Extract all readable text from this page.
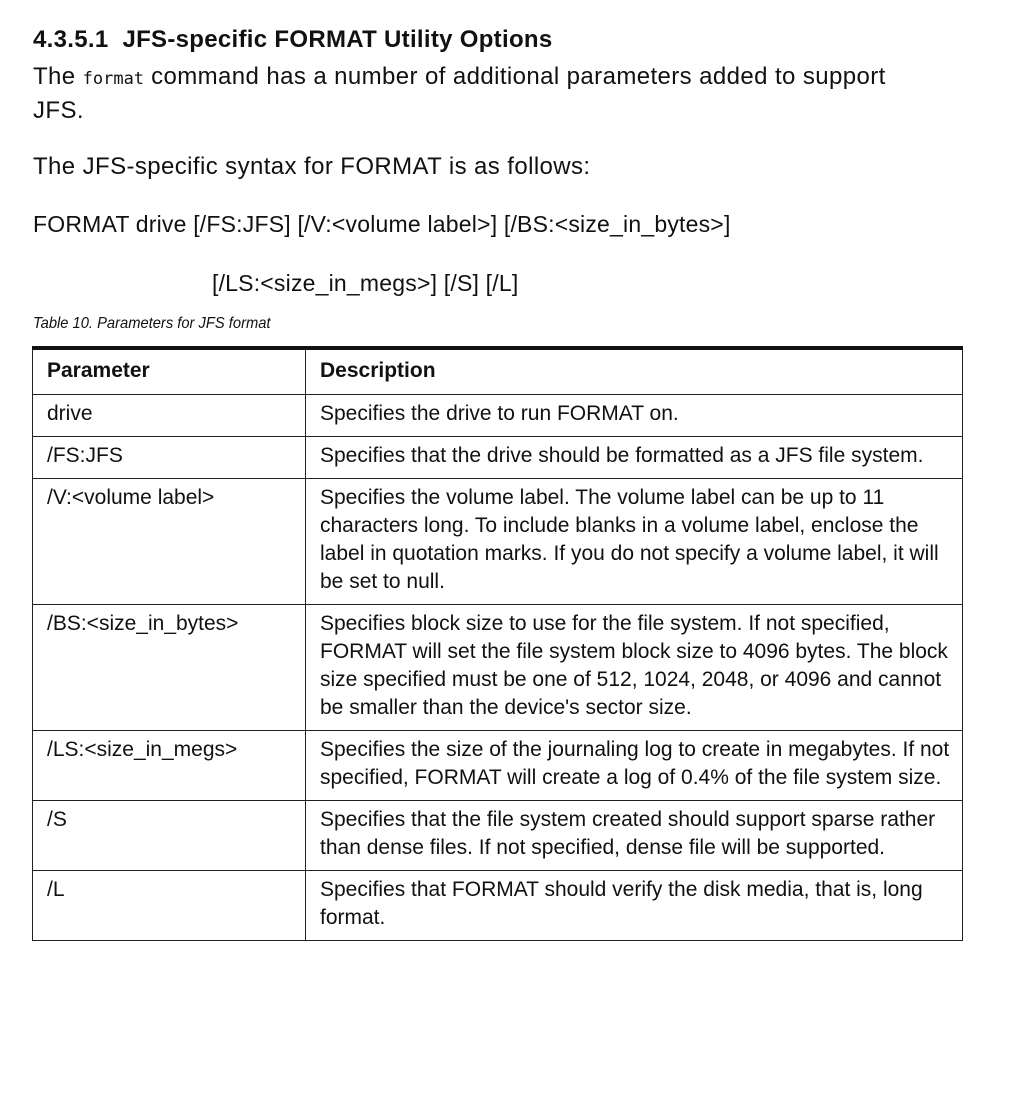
4.3.5.1 JFS-specific FORMAT Utility Options
The format command has a number of additional parameters added to support JFS.
The JFS-specific syntax for FORMAT is as follows:
FORMAT drive [/FS:JFS] [/V:<volume label>] [/BS:<size_in_bytes>]
[/LS:<size_in_megs>] [/S] [/L]
Table 10. Parameters for JFS format
Parameter	Description
drive	Specifies the drive to run FORMAT on.
/FS:JFS	Specifies that the drive should be formatted as a JFS file system.
/V:<volume label>	Specifies the volume label. The volume label can be up to 11 characters long. To include blanks in a volume label, enclose the label in quotation marks. If you do not specify a volume label, it will be set to null.
/BS:<size_in_bytes>	Specifies block size to use for the file system. If not specified, FORMAT will set the file system block size to 4096 bytes. The block size specified must be one of 512, 1024, 2048, or 4096 and cannot be smaller than the device's sector size.
/LS:<size_in_megs>	Specifies the size of the journaling log to create in megabytes. If not specified, FORMAT will create a log of 0.4% of the file system size.
/S	Specifies that the file system created should support sparse rather than dense files. If not specified, dense file will be supported.
/L	Specifies that FORMAT should verify the disk media, that is, long format.
